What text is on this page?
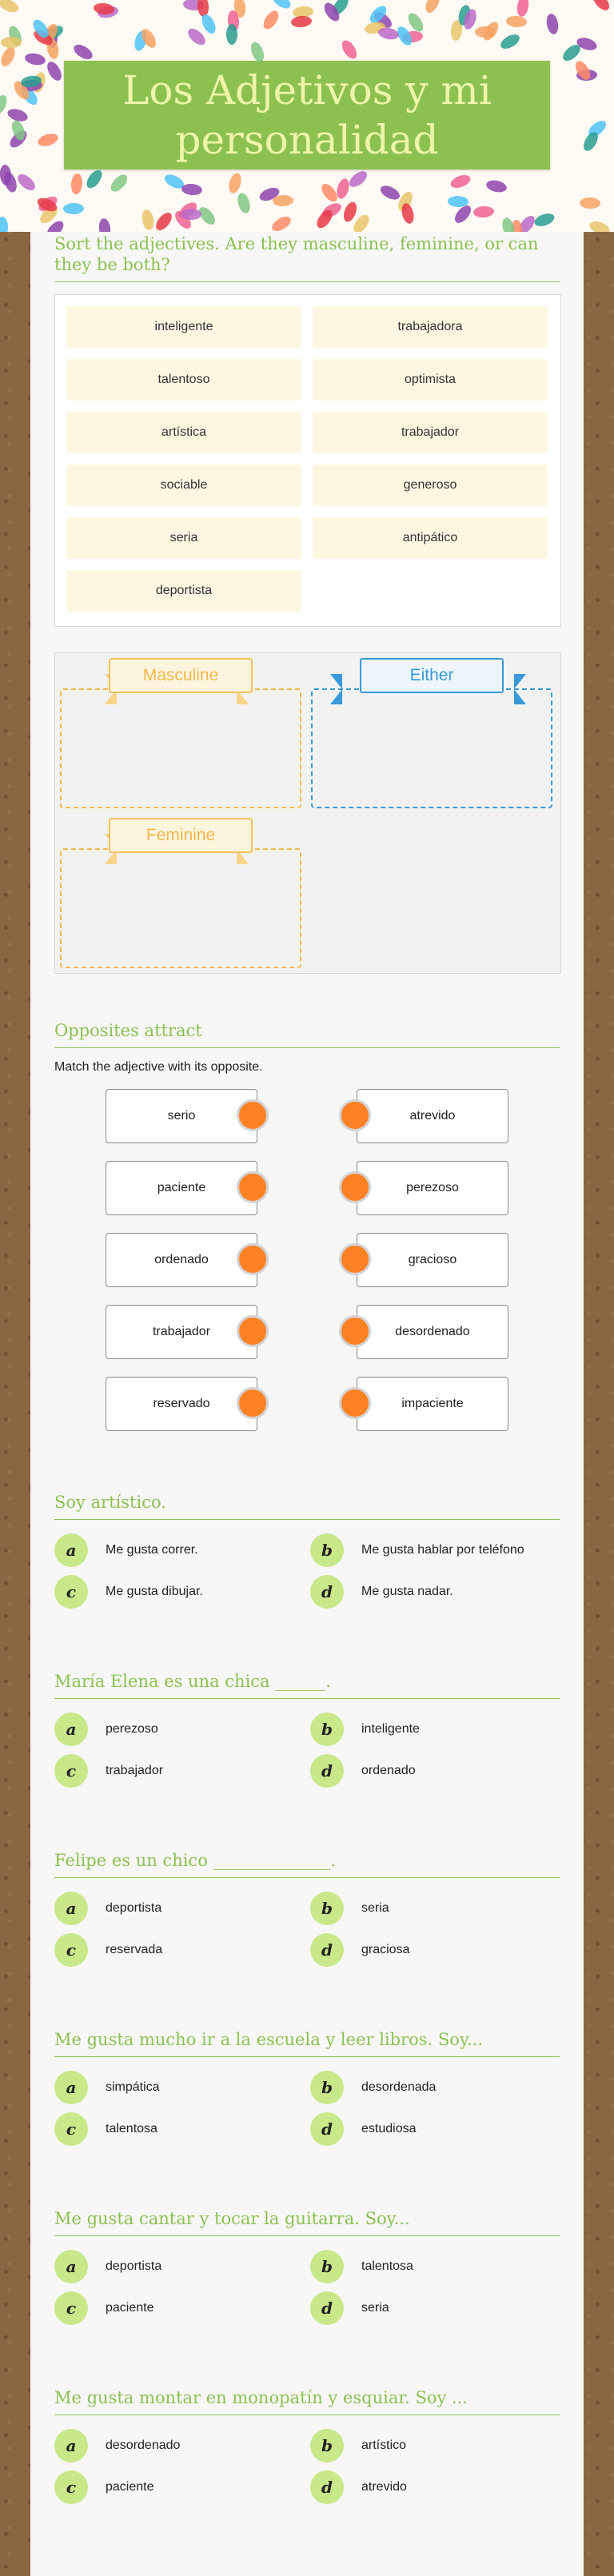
Los Adjetivos y mi personalidad
Sort the adjectives. Are they masculine, feminine, or can they be both?
inteligente	trabajadora
talentoso	optimista
artística	trabajador
sociable	generoso
seria	antipático
deportista
Masculine	Either
Feminine
Opposites attract
Match the adjective with its opposite.
serio	atrevido
paciente	perezoso
ordenado	gracioso
trabajador	desordenado
reservado	impaciente
Soy artístico.
a	Me gusta correr.	b	Me gusta hablar por teléfono
c	Me gusta dibujar.	d	Me gusta nadar.
María Elena es una chica ______.
a	perezoso	b	inteligente
c	trabajador	d	ordenado
Felipe es un chico ______________.
a	deportista	b	seria
c	reservada	d	graciosa
Me gusta mucho ir a la escuela y leer libros. Soy...
a	simpática	b	desordenada
c	talentosa	d	estudiosa
Me gusta cantar y tocar la guitarra. Soy...
a	deportista	b	talentosa
c	paciente	d	seria
Me gusta montar en monopatín y esquiar. Soy ...
a	desordenado	b	artístico
c	paciente	d	atrevido
